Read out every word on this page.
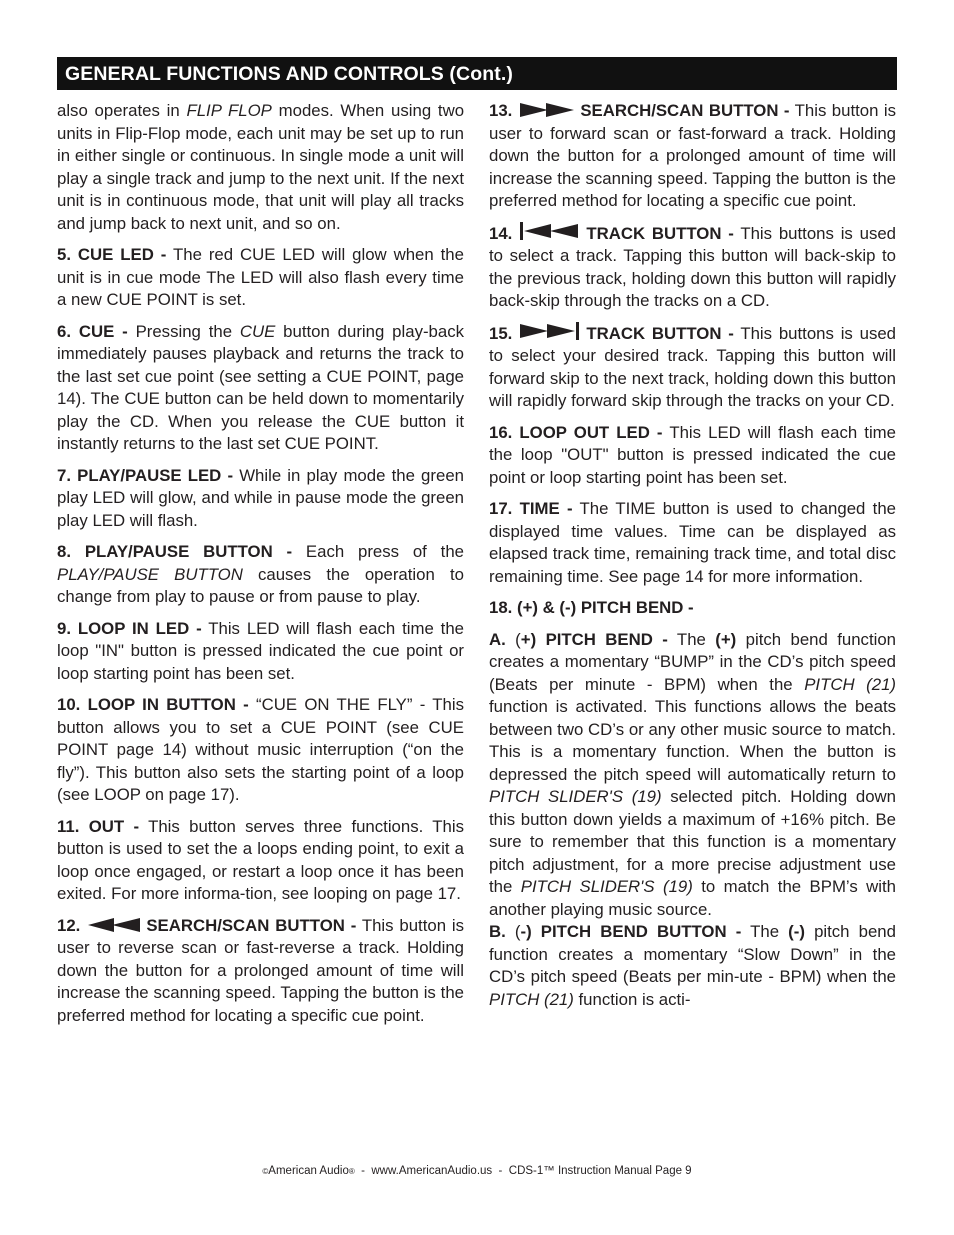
GENERAL FUNCTIONS AND CONTROLS (Cont.)

also operates in FLIP FLOP modes. When using two units in Flip-Flop mode, each unit may be set up to run in either single or continuous. In single mode a unit will play a single track and jump to the next unit. If the next unit is in continuous mode, that unit will play all tracks and jump back to next unit, and so on.

5. CUE LED - The red CUE LED will glow when the unit is in cue mode The LED will also flash every time a new CUE POINT is set.

6. CUE - Pressing the CUE button during play-back immediately pauses playback and returns the track to the last set cue point (see setting a CUE POINT, page 14). The CUE button can be held down to momentarily play the CD. When you release the CUE button it instantly returns to the last set CUE POINT.

7. PLAY/PAUSE LED - While in play mode the green play LED will glow, and while in pause mode the green play LED will flash.

8. PLAY/PAUSE BUTTON - Each press of the PLAY/PAUSE BUTTON causes the operation to change from play to pause or from pause to play.

9. LOOP IN LED - This LED will flash each time the loop "IN" button is pressed indicated the cue point or loop starting point has been set.

10. LOOP IN BUTTON - “CUE ON THE FLY” - This button allows you to set a CUE POINT (see CUE POINT page 14) without music interruption (“on the fly”). This button also sets the starting point of a loop (see LOOP on page 17).

11. OUT - This button serves three functions. This button is used to set the a loops ending point, to exit a loop once engaged, or restart a loop once it has been exited. For more informa-tion, see looping on page 17.

12.	SEARCH/SCAN BUTTON - This button is user to reverse scan or fast-reverse a track. Holding down the button for a prolonged amount of time will increase the scanning speed. Tapping the button is the preferred method for locating a specific cue point.

13.	SEARCH/SCAN BUTTON - This button is user to forward scan or fast-forward a track. Holding down the button for a prolonged amount of time will increase the scanning speed. Tapping the button is the preferred method for locating a specific cue point.

14.	TRACK BUTTON - This buttons is used to select a track. Tapping this button will back-skip to the previous track, holding down this button will rapidly back-skip through the tracks on a CD.

15.	TRACK BUTTON - This buttons is used to select your desired track. Tapping this button will forward skip to the next track, holding down this button will rapidly forward skip through the tracks on your CD.

16. LOOP OUT LED - This LED will flash each time the loop "OUT" button is pressed indicated the cue point or loop starting point has been set.

17. TIME - The TIME button is used to changed the displayed time values. Time can be displayed as elapsed track time, remaining track time, and total disc remaining time. See page 14 for more information.

18. (+) & (-) PITCH BEND -

A. (+) PITCH BEND - The (+) pitch bend function creates a momentary “BUMP” in the CD’s pitch speed (Beats per minute - BPM) when the PITCH (21) function is activated. This functions allows the beats between two CD’s or any other music source to match. This is a momentary function. When the button is depressed the pitch speed will automatically return to PITCH SLIDER'S (19) selected pitch. Holding down this button down yields a maximum of +16% pitch. Be sure to remember that this function is a momentary pitch adjustment, for a more precise adjustment use the PITCH SLIDER'S (19) to match the BPM’s with another playing music source.

B. (-) PITCH BEND BUTTON - The (-) pitch bend function creates a momentary “Slow Down” in the CD’s pitch speed (Beats per min-ute - BPM) when the PITCH (21) function is acti-

©American Audio®  -  www.AmericanAudio.us  -  CDS-1™ Instruction Manual Page 9
